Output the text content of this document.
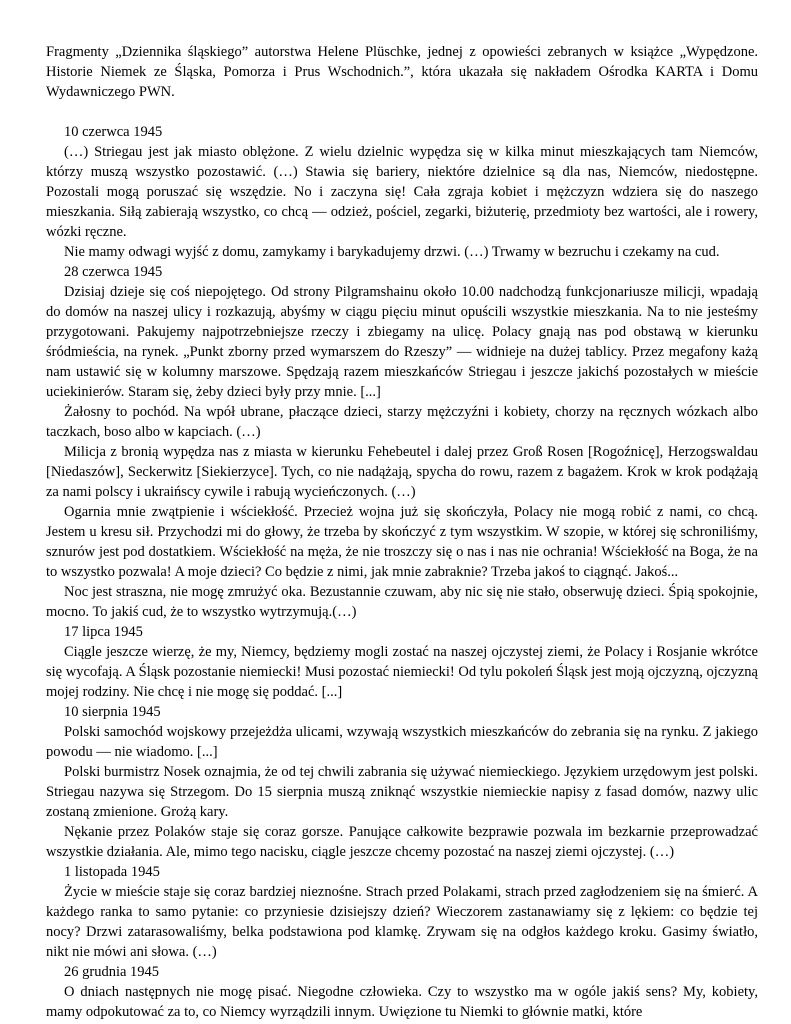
Fragmenty „Dziennika śląskiego” autorstwa Helene Plüschke, jednej z opowieści zebranych w książce „Wypędzone. Historie Niemek ze Śląska, Pomorza i Prus Wschodnich.”, która ukazała się nakładem Ośrodka KARTA i Domu Wydawniczego PWN.

10 czerwca 1945

(…) Striegau jest jak miasto oblężone. Z wielu dzielnic wypędza się w kilka minut mieszkających tam Niemców, którzy muszą wszystko pozostawić. (…) Stawia się bariery, niektóre dzielnice są dla nas, Niemców, niedostępne. Pozostali mogą poruszać się wszędzie. No i zaczyna się! Cała zgraja kobiet i mężczyzn wdziera się do naszego mieszkania. Siłą zabierają wszystko, co chcą — odzież, pościel, zegarki, biżuterię, przedmioty bez wartości, ale i rowery, wózki ręczne.

Nie mamy odwagi wyjść z domu, zamykamy i barykadujemy drzwi. (…) Trwamy w bezruchu i czekamy na cud.

28 czerwca 1945

Dzisiaj dzieje się coś niepojętego. Od strony Pilgramshainu około 10.00 nadchodzą funkcjonariusze milicji, wpadają do domów na naszej ulicy i rozkazują, abyśmy w ciągu pięciu minut opuścili wszystkie mieszkania. Na to nie jesteśmy przygotowani. Pakujemy najpotrzebniejsze rzeczy i zbiegamy na ulicę. Polacy gnają nas pod obstawą w kierunku śródmieścia, na rynek. „Punkt zborny przed wymarszem do Rzeszy” — widnieje na dużej tablicy. Przez megafony każą nam ustawić się w kolumny marszowe. Spędzają razem mieszkańców Striegau i jeszcze jakichś pozostałych w mieście uciekinierów. Staram się, żeby dzieci były przy mnie. [...]

Żałosny to pochód. Na wpół ubrane, płaczące dzieci, starzy mężczyźni i kobiety, chorzy na ręcznych wózkach albo taczkach, boso albo w kapciach. (…)

Milicja z bronią wypędza nas z miasta w kierunku Fehebeutel i dalej przez Groß Rosen [Rogoźnicę], Herzogswaldau [Niedaszów], Seckerwitz [Siekierzyce]. Tych, co nie nadążają, spycha do rowu, razem z bagażem. Krok w krok podążają za nami polscy i ukraińscy cywile i rabują wycieńczonych. (…)

Ogarnia mnie zwątpienie i wściekłość. Przecież wojna już się skończyła, Polacy nie mogą robić z nami, co chcą. Jestem u kresu sił. Przychodzi mi do głowy, że trzeba by skończyć z tym wszystkim. W szopie, w której się schroniliśmy, sznurów jest pod dostatkiem. Wściekłość na męża, że nie troszczy się o nas i nas nie ochrania! Wściekłość na Boga, że na to wszystko pozwala! A moje dzieci? Co będzie z nimi, jak mnie zabraknie? Trzeba jakoś to ciągnąć. Jakoś...

Noc jest straszna, nie mogę zmrużyć oka. Bezustannie czuwam, aby nic się nie stało, obserwuję dzieci. Śpią spokojnie, mocno. To jakiś cud, że to wszystko wytrzymują.(…)

17 lipca 1945

Ciągle jeszcze wierzę, że my, Niemcy, będziemy mogli zostać na naszej ojczystej ziemi, że Polacy i Rosjanie wkrótce się wycofają. A Śląsk pozostanie niemiecki! Musi pozostać niemiecki! Od tylu pokoleń Śląsk jest moją ojczyzną, ojczyzną mojej rodziny. Nie chcę i nie mogę się poddać. [...]

10 sierpnia 1945

Polski samochód wojskowy przejeżdża ulicami, wzywają wszystkich mieszkańców do zebrania się na rynku. Z jakiego powodu — nie wiadomo. [...]

Polski burmistrz Nosek oznajmia, że od tej chwili zabrania się używać niemieckiego. Językiem urzędowym jest polski. Striegau nazywa się Strzegom. Do 15 sierpnia muszą zniknąć wszystkie niemieckie napisy z fasad domów, nazwy ulic zostaną zmienione. Grożą kary.

Nękanie przez Polaków staje się coraz gorsze. Panujące całkowite bezprawie pozwala im bezkarnie przeprowadzać wszystkie działania. Ale, mimo tego nacisku, ciągle jeszcze chcemy pozostać na naszej ziemi ojczystej. (…)

1 listopada 1945

Życie w mieście staje się coraz bardziej nieznośne. Strach przed Polakami, strach przed zagłodzeniem się na śmierć. A każdego ranka to samo pytanie: co przyniesie dzisiejszy dzień? Wieczorem zastanawiamy się z lękiem: co będzie tej nocy? Drzwi zatarasowaliśmy, belka podstawiona pod klamkę. Zrywam się na odgłos każdego kroku. Gasimy światło, nikt nie mówi ani słowa. (…)

26 grudnia 1945

O dniach następnych nie mogę pisać. Niegodne człowieka. Czy to wszystko ma w ogóle jakiś sens? My, kobiety, mamy odpokutować za to, co Niemcy wyrządzili innym. Uwięzione tu Niemki to głównie matki, które
